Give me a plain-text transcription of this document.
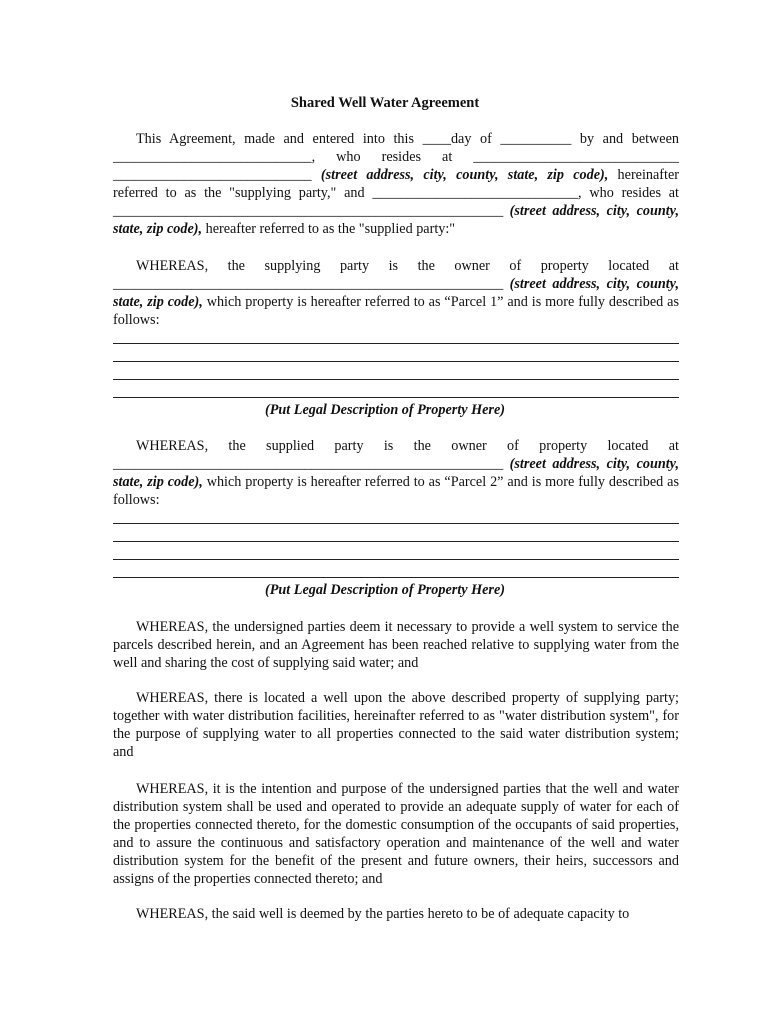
Shared Well Water Agreement
This Agreement, made and entered into this ____day of __________ by and between ____________________________, who resides at _____________________________ ____________________________ (street address, city, county, state, zip code), hereinafter referred to as the "supplying party," and _____________________________, who resides at _______________________________________________________ (street address, city, county, state, zip code), hereafter referred to as the "supplied party:"
WHEREAS, the supplying party is the owner of property located at _______________________________________________________ (street address, city, county, state, zip code), which property is hereafter referred to as “Parcel 1” and is more fully described as follows:
(Put Legal Description of Property Here)
WHEREAS, the supplied party is the owner of property located at _______________________________________________________ (street address, city, county, state, zip code), which property is hereafter referred to as “Parcel 2” and is more fully described as follows:
(Put Legal Description of Property Here)
WHEREAS, the undersigned parties deem it necessary to provide a well system to service the parcels described herein, and an Agreement has been reached relative to supplying water from the well and sharing the cost of supplying said water; and
WHEREAS, there is located a well upon the above described property of supplying party; together with water distribution facilities, hereinafter referred to as "water distribution system", for the purpose of supplying water to all properties connected to the said water distribution system; and
WHEREAS, it is the intention and purpose of the undersigned parties that the well and water distribution system shall be used and operated to provide an adequate supply of water for each of the properties connected thereto, for the domestic consumption of the occupants of said properties, and to assure the continuous and satisfactory operation and maintenance of the well and water distribution system for the benefit of the present and future owners, their heirs, successors and assigns of the properties connected thereto; and
WHEREAS, the said well is deemed by the parties hereto to be of adequate capacity to
